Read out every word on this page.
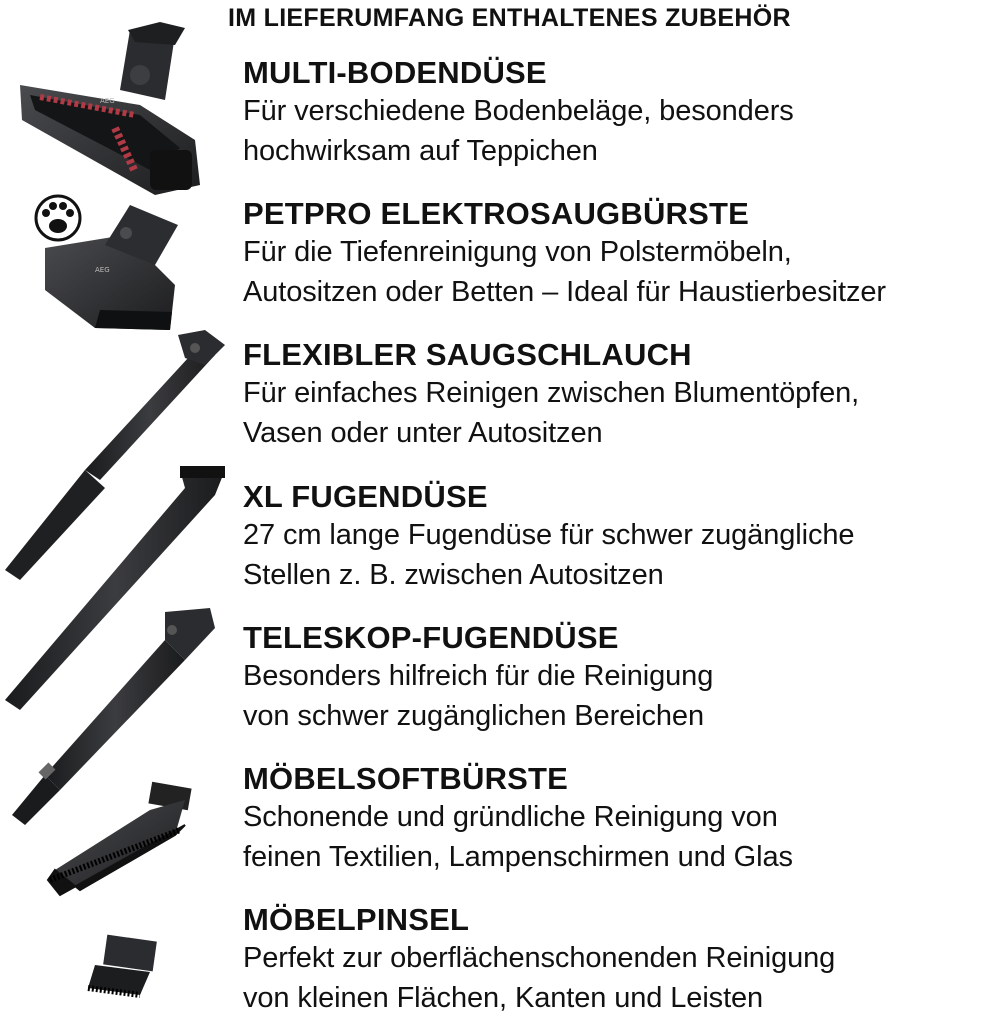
AEG
AEG
IM LIEFERUMFANG ENTHALTENES ZUBEHÖR
MULTI-BODENDÜSE
Für verschiedene Bodenbeläge, besonders
hochwirksam auf Teppichen
PETPRO ELEKTROSAUGBÜRSTE
Für die Tiefenreinigung von Polstermöbeln,
Autositzen oder Betten – Ideal für Haustierbesitzer
FLEXIBLER SAUGSCHLAUCH
Für einfaches Reinigen zwischen Blumentöpfen,
Vasen oder unter Autositzen
XL FUGENDÜSE
27 cm lange Fugendüse für schwer zugängliche
Stellen z. B. zwischen Autositzen
TELESKOP-FUGENDÜSE
Besonders hilfreich für die Reinigung
von schwer zugänglichen Bereichen
MÖBELSOFTBÜRSTE
Schonende und gründliche Reinigung von
feinen Textilien, Lampenschirmen und Glas
MÖBELPINSEL
Perfekt zur oberflächenschonenden Reinigung
von kleinen Flächen, Kanten und Leisten
